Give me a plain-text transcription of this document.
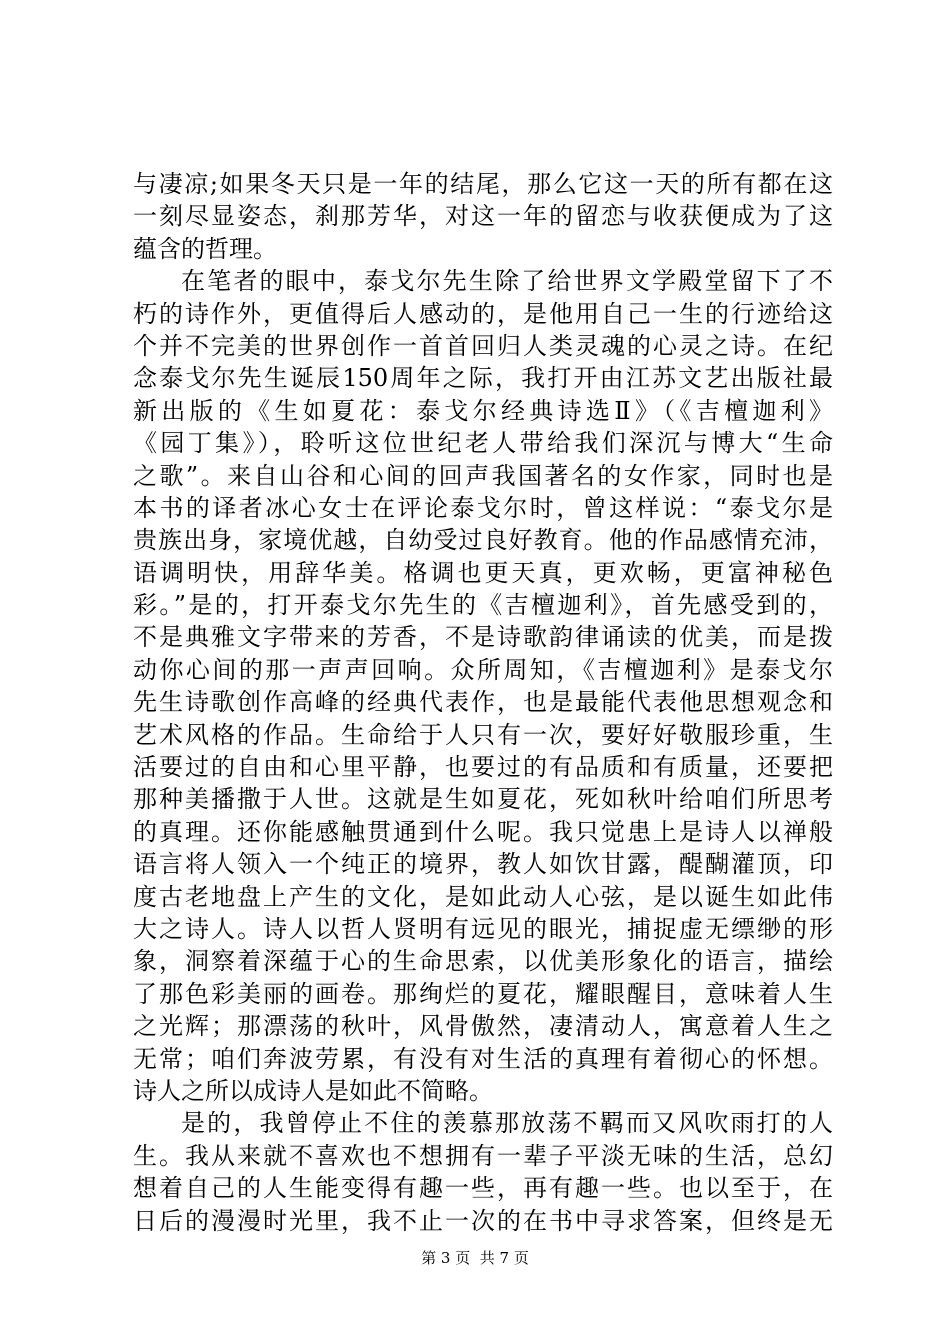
与凄凉;如果冬天只是一年的结尾，那么它这一天的所有都在这
一刻尽显姿态，刹那芳华，对这一年的留恋与收获便成为了这
蕴含的哲理。
在笔者的眼中，泰戈尔先生除了给世界文学殿堂留下了不
朽的诗作外，更值得后人感动的，是他用自己一生的行迹给这
个并不完美的世界创作一首首回归人类灵魂的心灵之诗。在纪
念泰戈尔先生诞辰150周年之际，我打开由江苏文艺出版社最
新出版的《生如夏花：泰戈尔经典诗选Ⅱ》（《吉檀迦利》
《园丁集》），聆听这位世纪老人带给我们深沉与博大“生命
之歌”。来自山谷和心间的回声我国著名的女作家，同时也是
本书的译者冰心女士在评论泰戈尔时，曾这样说：“泰戈尔是
贵族出身，家境优越，自幼受过良好教育。他的作品感情充沛，
语调明快，用辞华美。格调也更天真，更欢畅，更富神秘色
彩。”是的，打开泰戈尔先生的《吉檀迦利》，首先感受到的，
不是典雅文字带来的芳香，不是诗歌韵律诵读的优美，而是拨
动你心间的那一声声回响。众所周知，《吉檀迦利》是泰戈尔
先生诗歌创作高峰的经典代表作，也是最能代表他思想观念和
艺术风格的作品。生命给于人只有一次，要好好敬服珍重，生
活要过的自由和心里平静，也要过的有品质和有质量，还要把
那种美播撒于人世。这就是生如夏花，死如秋叶给咱们所思考
的真理。还你能感触贯通到什么呢。我只觉患上是诗人以禅般
语言将人领入一个纯正的境界，教人如饮甘露，醍醐灌顶，印
度古老地盘上产生的文化，是如此动人心弦，是以诞生如此伟
大之诗人。诗人以哲人贤明有远见的眼光，捕捉虚无缥缈的形
象，洞察着深蕴于心的生命思索，以优美形象化的语言，描绘
了那色彩美丽的画卷。那绚烂的夏花，耀眼醒目，意味着人生
之光辉；那漂荡的秋叶，风骨傲然，凄清动人，寓意着人生之
无常；咱们奔波劳累，有没有对生活的真理有着彻心的怀想。
诗人之所以成诗人是如此不简略。
是的，我曾停止不住的羡慕那放荡不羁而又风吹雨打的人
生。我从来就不喜欢也不想拥有一辈子平淡无味的生活，总幻
想着自己的人生能变得有趣一些，再有趣一些。也以至于，在
日后的漫漫时光里，我不止一次的在书中寻求答案，但终是无
第 3 页  共 7 页
